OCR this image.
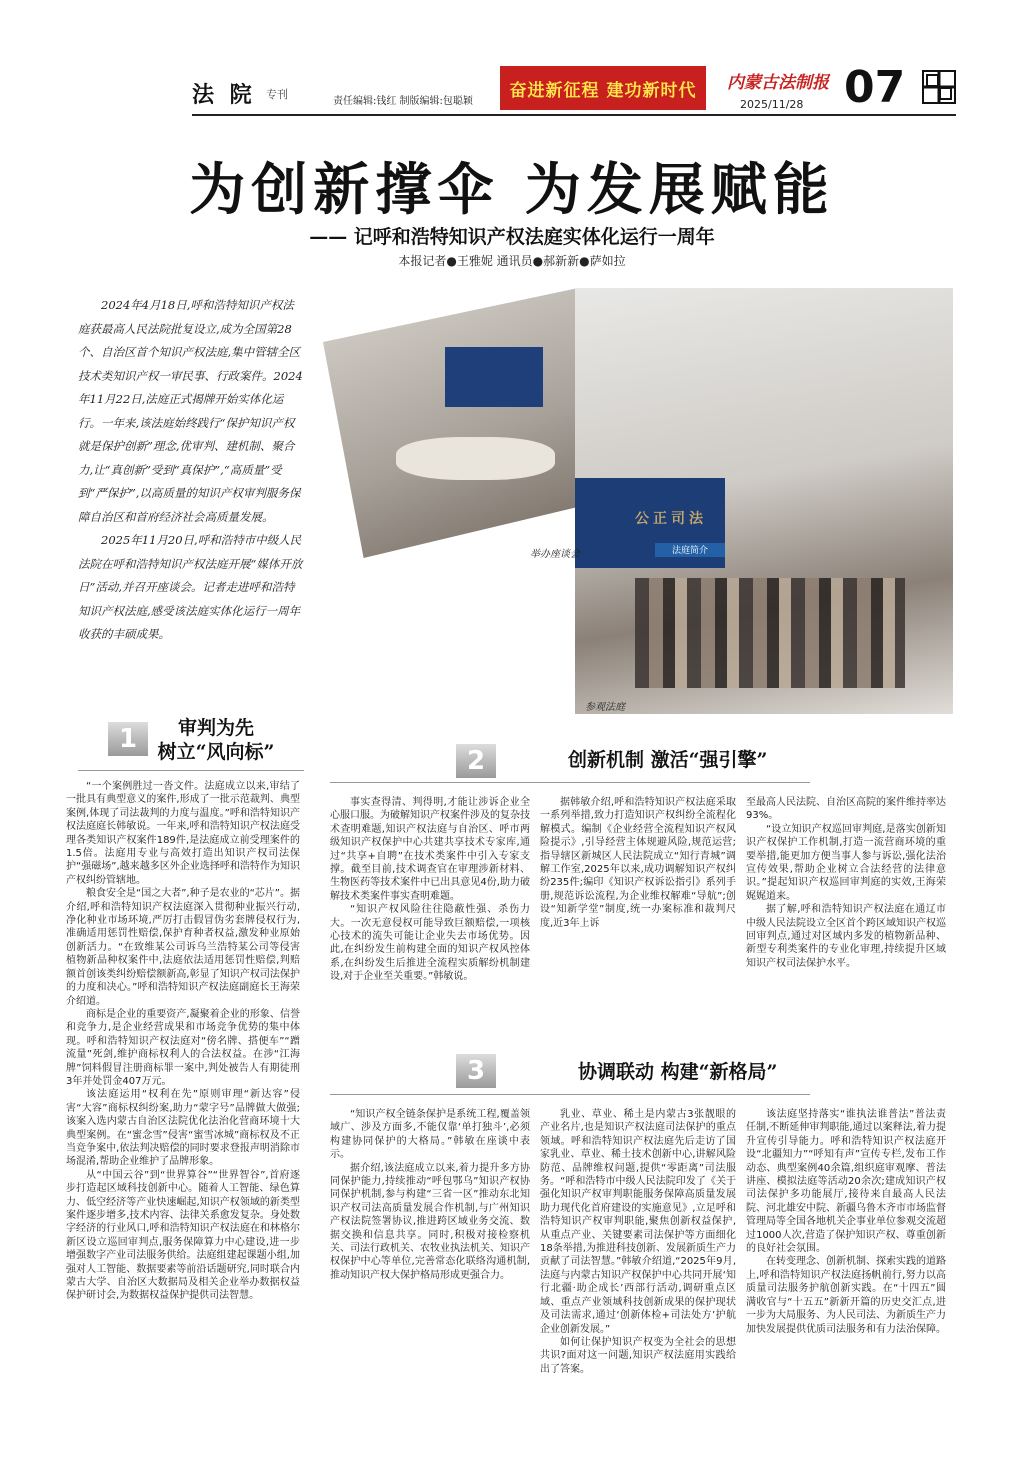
法 院 专刊
责任编辑:钱红 制版编辑:包聪颖
奋进新征程 建功新时代	内蒙古法制报
2025/11/28 07
为创新撑伞 为发展赋能
—— 记呼和浩特知识产权法庭实体化运行一周年
本报记者●王雅妮 通讯员●郝新新●萨如拉

2024年4月18日,呼和浩特知识产权法庭获最高人民法院批复设立,成为全国第28个、自治区首个知识产权法庭,集中管辖全区技术类知识产权一审民事、行政案件。2024年11月22日,法庭正式揭牌开始实体化运行。一年来,该法庭始终践行“保护知识产权就是保护创新”理念,优审判、建机制、聚合力,让“真创新”受到“真保护”,“高质量”受到“严保护”,以高质量的知识产权审判服务保障自治区和首府经济社会高质量发展。

2025年11月20日,呼和浩特市中级人民法院在呼和浩特知识产权法庭开展“媒体开放日”活动,并召开座谈会。记者走进呼和浩特知识产权法庭,感受该法庭实体化运行一周年收获的丰硕成果。

公正司法
法庭简介
举办座谈会
参观法庭
1	审判为先
树立“风向标”

“一个案例胜过一沓文件。法庭成立以来,审结了一批具有典型意义的案件,形成了一批示范裁判、典型案例,体现了司法裁判的力度与温度。”呼和浩特知识产权法庭庭长韩敏说。一年来,呼和浩特知识产权法庭受理各类知识产权案件189件,是法庭成立前受理案件的1.5倍。法庭用专业与高效打造出知识产权司法保护“强磁场”,越来越多区外企业选择呼和浩特作为知识产权纠纷管辖地。

粮食安全是“国之大者”,种子是农业的“芯片”。据介绍,呼和浩特知识产权法庭深入贯彻种业振兴行动,净化种业市场环境,严厉打击假冒伪劣套牌侵权行为,准确适用惩罚性赔偿,保护育种者权益,激发种业原始创新活力。“在致维某公司诉乌兰浩特某公司等侵害植物新品种权案件中,法庭依法适用惩罚性赔偿,判赔额首创该类纠纷赔偿额新高,彰显了知识产权司法保护的力度和决心。”呼和浩特知识产权法庭副庭长王海荣介绍道。

商标是企业的重要资产,凝聚着企业的形象、信誉和竞争力,是企业经营成果和市场竞争优势的集中体现。呼和浩特知识产权法庭对“傍名牌、搭便车”“蹭流量”死剑,维护商标权利人的合法权益。在涉“江海牌”饲料假冒注册商标罪一案中,判处被告人有期徒刑3年并处罚金407万元。

该法庭运用“权利在先”原则审理“新达容”侵害“大容”商标权纠纷案,助力“蒙字号”品牌做大做强;该案入选内蒙古自治区法院优化法治化营商环境十大典型案例。在“蜜念雪”侵害“蜜雪冰城”商标权及不正当竞争案中,依法判决赔偿的同时要求登报声明消除市场混淆,帮助企业维护了品牌形象。

从“中国云谷”到“世界算谷”“世界智谷”,首府逐步打造起区域科技创新中心。随着人工智能、绿色算力、低空经济等产业快速崛起,知识产权领域的新类型案件逐步增多,技术内容、法律关系愈发复杂。身处数字经济的行业风口,呼和浩特知识产权法庭在和林格尔新区设立巡回审判点,服务保障算力中心建设,进一步增强数字产业司法服务供给。法庭组建起课题小组,加强对人工智能、数据要素等前沿话题研究,同时联合内蒙古大学、自治区大数据局及相关企业举办数据权益保护研讨会,为数据权益保护提供司法智慧。

2	创新机制 激活“强引擎”

事实查得清、判得明,才能让涉诉企业全心服口服。为破解知识产权案件涉及的复杂技术查明难题,知识产权法庭与自治区、呼市两级知识产权保护中心共建共享技术专家库,通过“共享+自聘”在技术类案件中引入专家支撑。截至目前,技术调查官在审理涉新材料、生物医药等技术案件中已出具意见4份,助力破解技术类案件事实查明难题。

“知识产权风险往往隐蔽性强、杀伤力大。一次无意侵权可能导致巨额赔偿,一项核心技术的流失可能让企业失去市场优势。因此,在纠纷发生前构建全面的知识产权风控体系,在纠纷发生后推进全流程实质解纷机制建设,对于企业至关重要。”韩敏说。

据韩敏介绍,呼和浩特知识产权法庭采取一系列举措,致力打造知识产权纠纷全流程化解模式。编制《企业经营全流程知识产权风险提示》,引导经营主体规避风险,规范运营;指导辖区新城区人民法院成立“知行青城”调解工作室,2025年以来,成功调解知识产权纠纷235件;编印《知识产权诉讼指引》系列手册,规范诉讼流程,为企业维权解难“导航”;创设“知新学堂”制度,统一办案标准和裁判尺度,近3年上诉

至最高人民法院、自治区高院的案件维持率达93%。

“设立知识产权巡回审判庭,是落实创新知识产权保护工作机制,打造一流营商环境的重要举措,能更加方便当事人参与诉讼,强化法治宣传效果,帮助企业树立合法经营的法律意识。”提起知识产权巡回审判庭的实效,王海荣娓娓道来。

据了解,呼和浩特知识产权法庭在通辽市中级人民法院设立全区首个跨区域知识产权巡回审判点,通过对区域内多发的植物新品种、新型专利类案件的专业化审理,持续提升区域知识产权司法保护水平。

3	协调联动 构建“新格局”

“知识产权全链条保护是系统工程,覆盖领域广、涉及方面多,不能仅靠‘单打独斗’,必须构建协同保护的大格局。”韩敏在座谈中表示。

据介绍,该法庭成立以来,着力提升多方协同保护能力,持续推动“呼包鄂乌”知识产权协同保护机制,参与构建“三省一区”推动东北知识产权司法高质量发展合作机制,与广州知识产权法院签署协议,推进跨区域业务交流、数据交换和信息共享。同时,积极对接检察机关、司法行政机关、农牧业执法机关、知识产权保护中心等单位,完善常态化联络沟通机制,推动知识产权大保护格局形成更强合力。

乳业、草业、稀土是内蒙古3张靓眼的产业名片,也是知识产权法庭司法保护的重点领域。呼和浩特知识产权法庭先后走访了国家乳业、草业、稀土技术创新中心,讲解风险防范、品牌维权问题,提供“零距离”司法服务。“呼和浩特市中级人民法院印发了《关于强化知识产权审判职能服务保障高质量发展助力现代化首府建设的实施意见》,立足呼和浩特知识产权审判职能,聚焦创新权益保护,从重点产业、关键要素司法保护等方面细化18条举措,为推进科技创新、发展新质生产力贡献了司法智慧。”韩敏介绍道,“2025年9月,法庭与内蒙古知识产权保护中心共同开展‘知行北疆·助企成长’西部行活动,调研重点区域、重点产业领域科技创新成果的保护现状及司法需求,通过‘创新体检+司法处方’护航企业创新发展。”

如何让保护知识产权变为全社会的思想共识?面对这一问题,知识产权法庭用实践给出了答案。

该法庭坚持落实“谁执法谁普法”普法责任制,不断延伸审判职能,通过以案释法,着力提升宣传引导能力。呼和浩特知识产权法庭开设“北疆知力”“呼知有声”宣传专栏,发布工作动态、典型案例40余篇,组织庭审观摩、普法讲座、模拟法庭等活动20余次;建成知识产权司法保护多功能展厅,接待来自最高人民法院、河北雄安中院、新疆乌鲁木齐市市场监督管理局等全国各地机关企事业单位参观交流超过1000人次,营造了保护知识产权、尊重创新的良好社会氛围。

在转变理念、创新机制、探索实践的道路上,呼和浩特知识产权法庭扬帆前行,努力以高质量司法服务护航创新实践。在“十四五”圆满收官与“十五五”新新开篇的历史交汇点,进一步为大局服务、为人民司法、为新质生产力加快发展提供优质司法服务和有力法治保障。
